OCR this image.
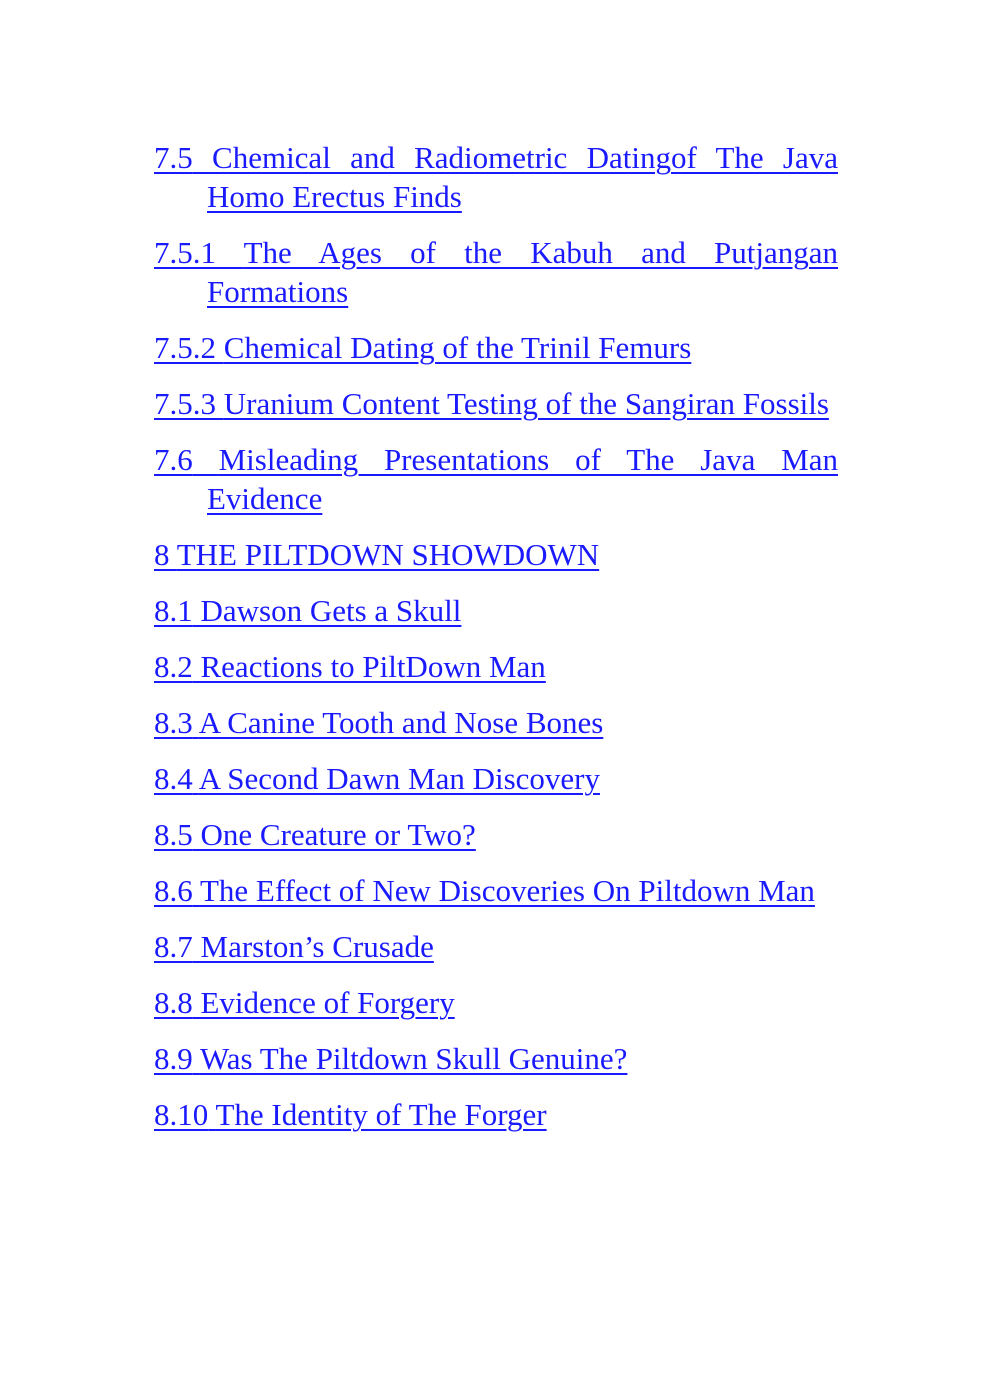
7.5 Chemical and Radiometric Datingof The Java Homo Erectus Finds
7.5.1 The Ages of the Kabuh and Putjangan Formations
7.5.2 Chemical Dating of the Trinil Femurs
7.5.3 Uranium Content Testing of the Sangiran Fossils
7.6 Misleading Presentations of The Java Man Evidence
8 THE PILTDOWN SHOWDOWN
8.1 Dawson Gets a Skull
8.2 Reactions to PiltDown Man
8.3 A Canine Tooth and Nose Bones
8.4 A Second Dawn Man Discovery
8.5 One Creature or Two?
8.6 The Effect of New Discoveries On Piltdown Man
8.7 Marston’s Crusade
8.8 Evidence of Forgery
8.9 Was The Piltdown Skull Genuine?
8.10 The Identity of The Forger
